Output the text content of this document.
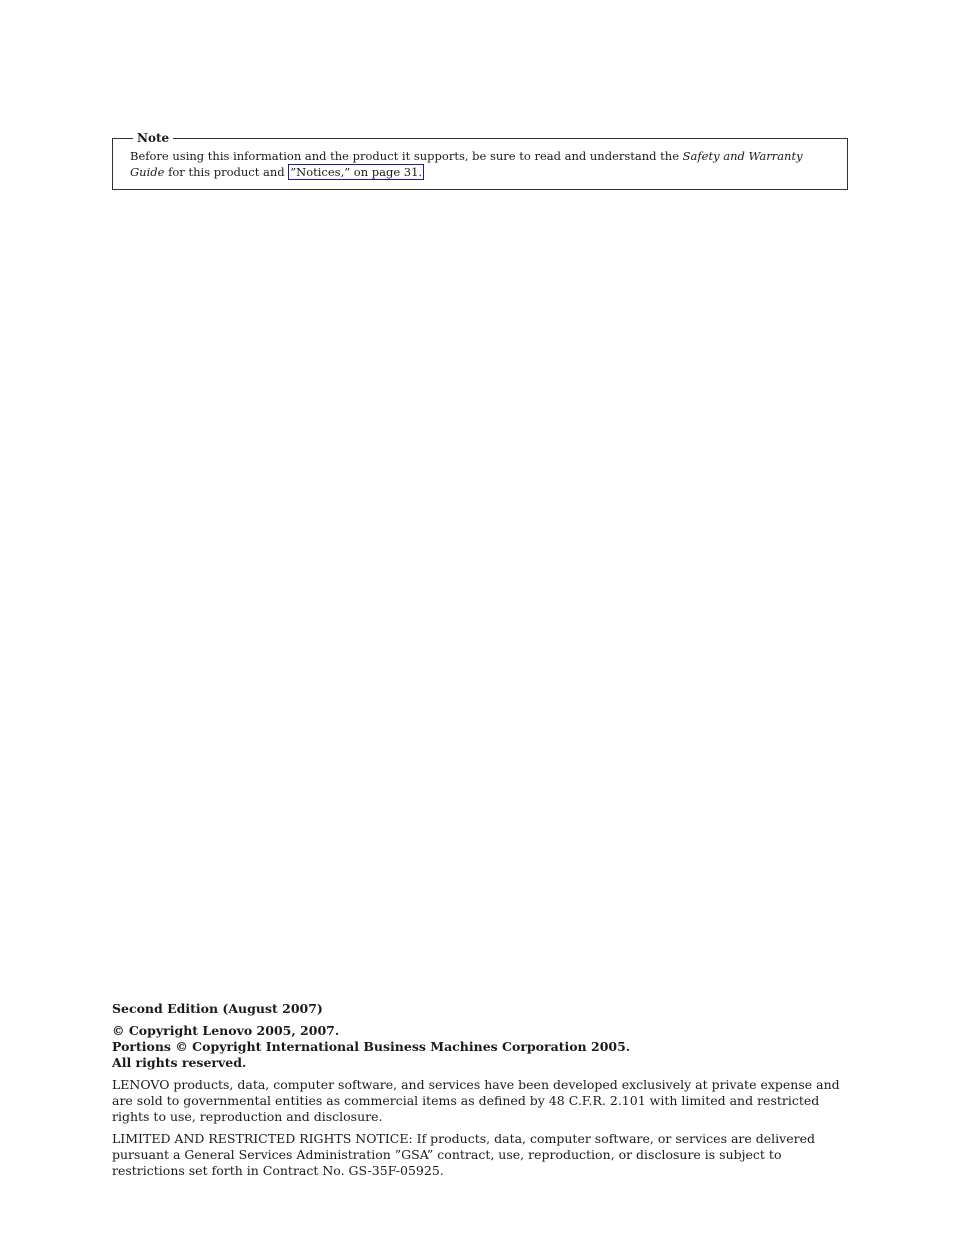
Note

Before using this information and the product it supports, be sure to read and understand the Safety and Warranty Guide for this product and ”Notices,” on page 31.

Second Edition (August 2007)

© Copyright Lenovo 2005, 2007.
Portions © Copyright International Business Machines Corporation 2005.
All rights reserved.

LENOVO products, data, computer software, and services have been developed exclusively at private expense and are sold to governmental entities as commercial items as defined by 48 C.F.R. 2.101 with limited and restricted rights to use, reproduction and disclosure.

LIMITED AND RESTRICTED RIGHTS NOTICE: If products, data, computer software, or services are delivered pursuant a General Services Administration ”GSA” contract, use, reproduction, or disclosure is subject to restrictions set forth in Contract No. GS-35F-05925.
